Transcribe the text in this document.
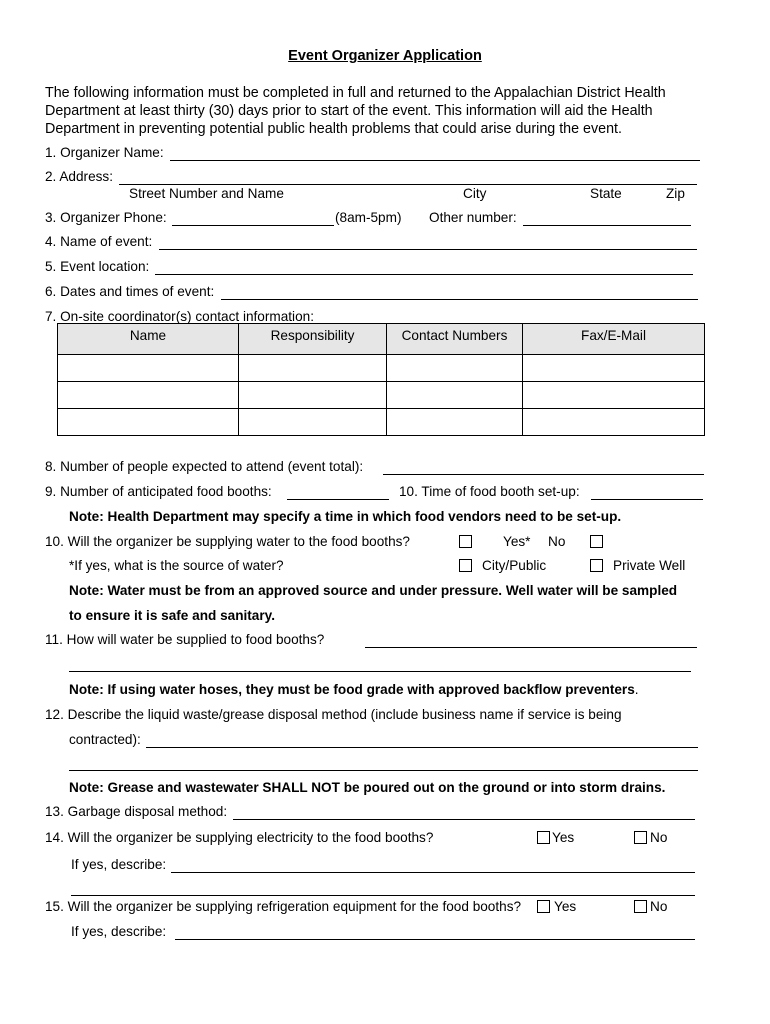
Event Organizer Application
The following information must be completed in full and returned to the Appalachian District Health
Department at least thirty (30) days prior to start of the event. This information will aid the Health
Department in preventing potential public health problems that could arise during the event.
1. Organizer Name:
2. Address:
Street Number and Name	City	State	Zip
3. Organizer Phone:	(8am-5pm) Other number:
4. Name of event:
5. Event location:
6. Dates and times of event:
7. On-site coordinator(s) contact information:
Name	Responsibility	Contact Numbers	Fax/E-Mail

8. Number of people expected to attend (event total):
9. Number of anticipated food booths:	10. Time of food booth set-up:
Note: Health Department may specify a time in which food vendors need to be set-up.
10. Will the organizer be supplying water to the food booths?	Yes* No
*If yes, what is the source of water?	City/Public	Private Well
Note: Water must be from an approved source and under pressure. Well water will be sampled
to ensure it is safe and sanitary.
11. How will water be supplied to food booths?
Note: If using water hoses, they must be food grade with approved backflow preventers.
12. Describe the liquid waste/grease disposal method (include business name if service is being
contracted):
Note: Grease and wastewater SHALL NOT be poured out on the ground or into storm drains.
13. Garbage disposal method:
14. Will the organizer be supplying electricity to the food booths?	Yes	No
If yes, describe:
15. Will the organizer be supplying refrigeration equipment for the food booths? Yes	No
If yes, describe:
